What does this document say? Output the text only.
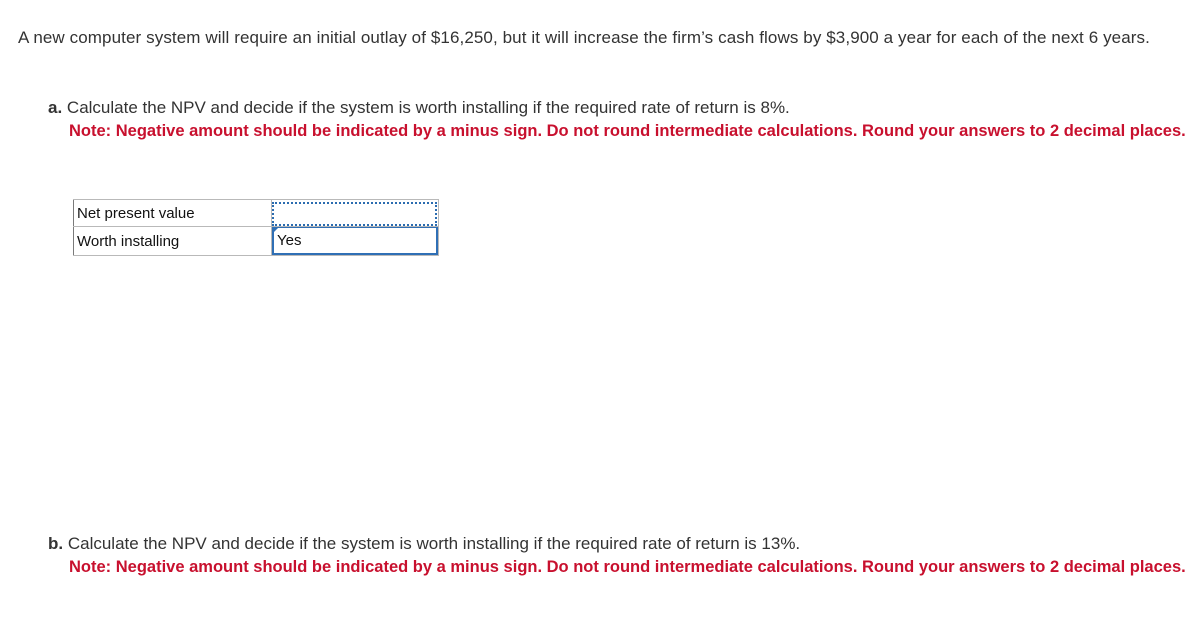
A new computer system will require an initial outlay of $16,250, but it will increase the firm’s cash flows by $3,900 a year for each of the next 6 years.
a. Calculate the NPV and decide if the system is worth installing if the required rate of return is 8%.
Note: Negative amount should be indicated by a minus sign. Do not round intermediate calculations. Round your answers to 2 decimal places.
Net present value	

Worth installing	Yes
b. Calculate the NPV and decide if the system is worth installing if the required rate of return is 13%.
Note: Negative amount should be indicated by a minus sign. Do not round intermediate calculations. Round your answers to 2 decimal places.
